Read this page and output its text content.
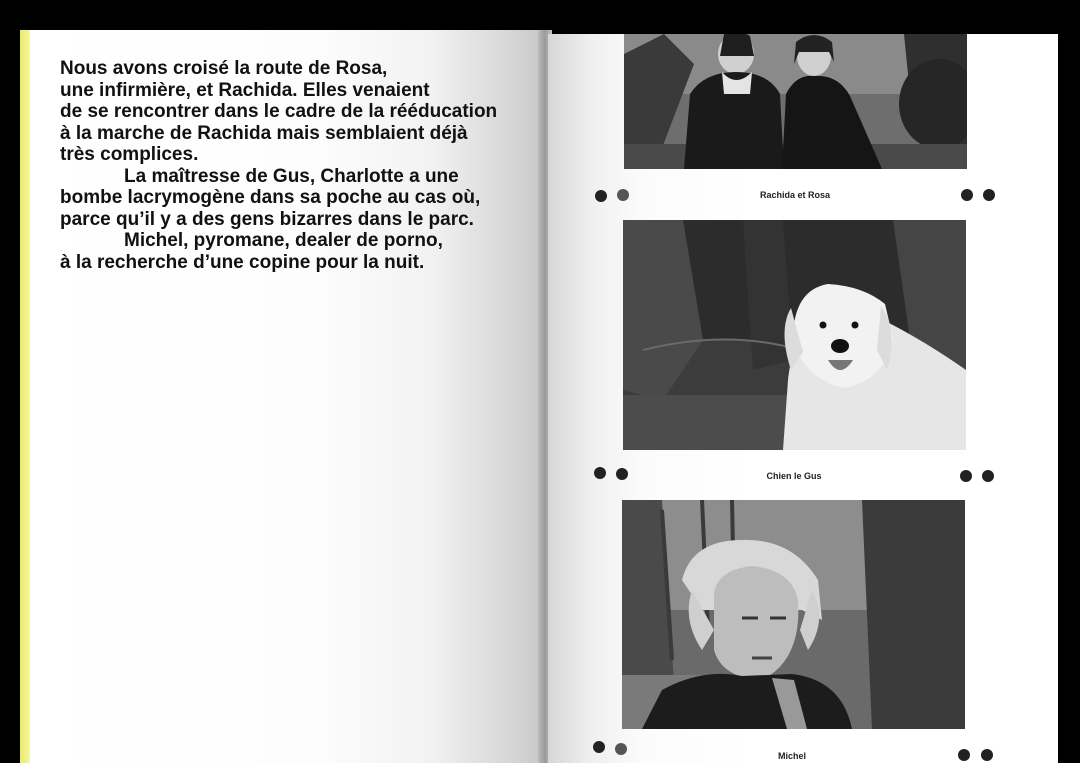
Nous avons croisé la route de Rosa,
une infirmière, et Rachida. Elles venaient
de se rencontrer dans le cadre de la rééducation
à la marche de Rachida mais semblaient déjà
très complices.
La maîtresse de Gus, Charlotte a une
bombe lacrymogène dans sa poche au cas où,
parce qu’il y a des gens bizarres dans le parc.
Michel, pyromane, dealer de porno,
à la recherche d’une copine pour la nuit.
Rachida et Rosa
Chien le Gus
Michel
